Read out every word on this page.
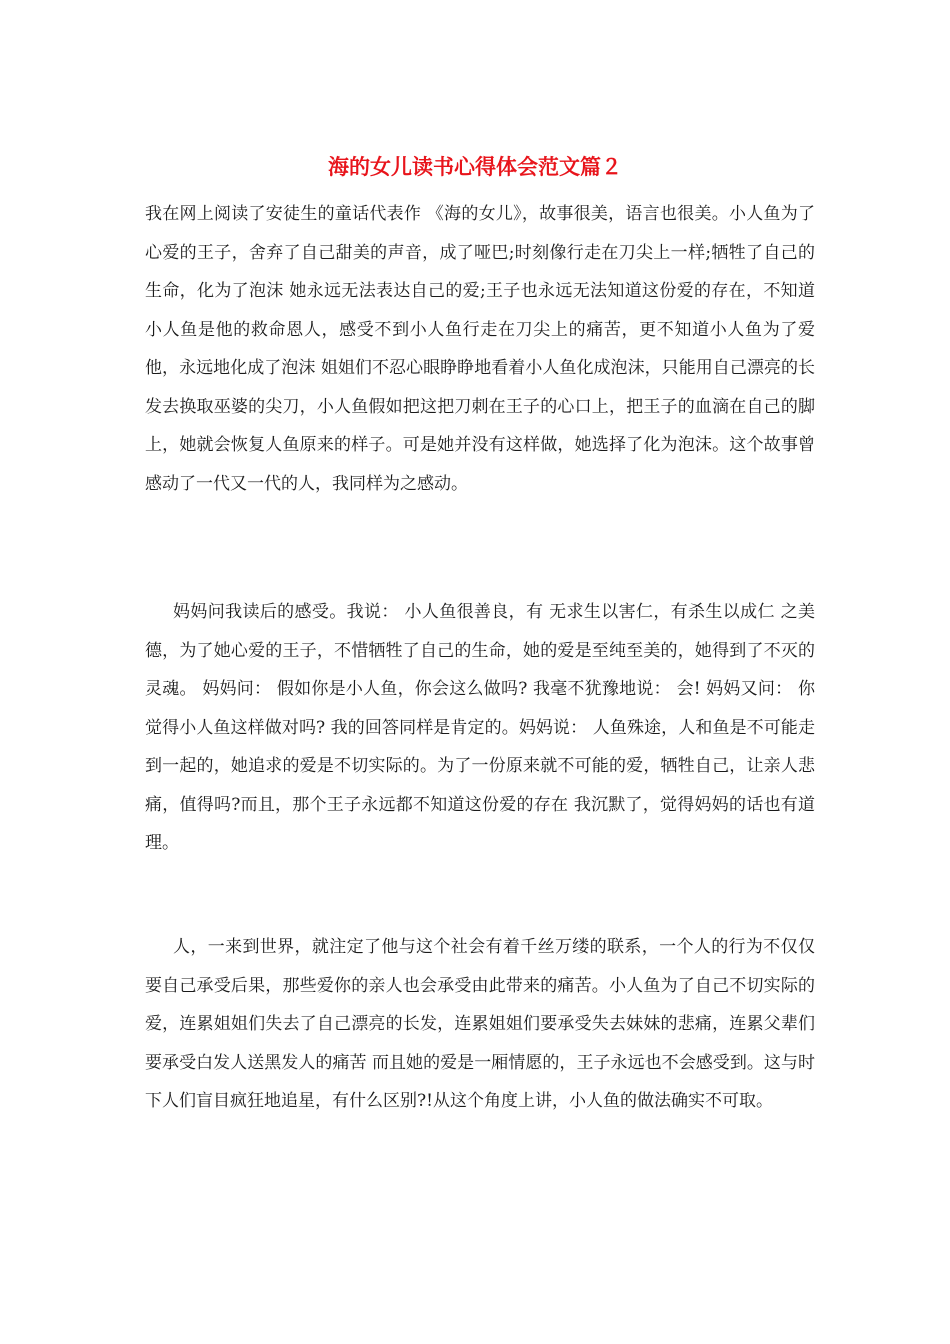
海的女儿读书心得体会范文篇２

我在网上阅读了安徒生的童话代表作 《海的女儿》，故事很美，语言也很美。小人鱼为了心爱的王子，舍弃了自己甜美的声音，成了哑巴;时刻像行走在刀尖上一样;牺牲了自己的生命，化为了泡沫 她永远无法表达自己的爱;王子也永远无法知道这份爱的存在，不知道小人鱼是他的救命恩人，感受不到小人鱼行走在刀尖上的痛苦，更不知道小人鱼为了爱他，永远地化成了泡沫 姐姐们不忍心眼睁睁地看着小人鱼化成泡沫，只能用自己漂亮的长发去换取巫婆的尖刀，小人鱼假如把这把刀刺在王子的心口上，把王子的血滴在自己的脚上，她就会恢复人鱼原来的样子。可是她并没有这样做，她选择了化为泡沫。这个故事曾感动了一代又一代的人，我同样为之感动。

妈妈问我读后的感受。我说： 小人鱼很善良，有 无求生以害仁，有杀生以成仁 之美德，为了她心爱的王子，不惜牺牲了自己的生命，她的爱是至纯至美的，她得到了不灭的灵魂。 妈妈问： 假如你是小人鱼，你会这么做吗? 我毫不犹豫地说： 会! 妈妈又问： 你觉得小人鱼这样做对吗? 我的回答同样是肯定的。妈妈说： 人鱼殊途，人和鱼是不可能走到一起的，她追求的爱是不切实际的。为了一份原来就不可能的爱，牺牲自己，让亲人悲痛，值得吗?而且，那个王子永远都不知道这份爱的存在 我沉默了，觉得妈妈的话也有道理。

人，一来到世界，就注定了他与这个社会有着千丝万缕的联系，一个人的行为不仅仅要自己承受后果，那些爱你的亲人也会承受由此带来的痛苦。小人鱼为了自己不切实际的爱，连累姐姐们失去了自己漂亮的长发，连累姐姐们要承受失去妹妹的悲痛，连累父辈们要承受白发人送黑发人的痛苦 而且她的爱是一厢情愿的，王子永远也不会感受到。这与时下人们盲目疯狂地追星，有什么区别?!从这个角度上讲，小人鱼的做法确实不可取。
